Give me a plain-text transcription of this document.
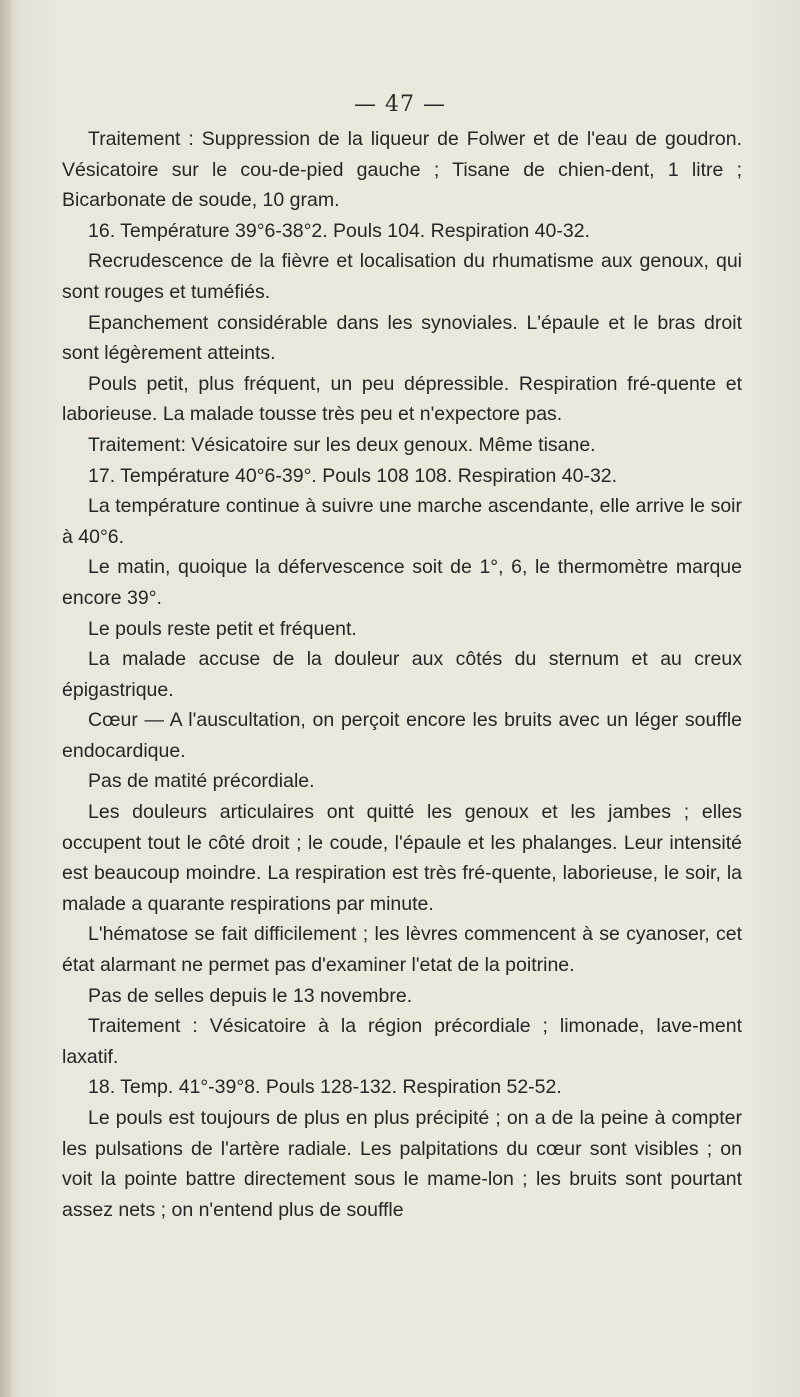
— 47 —

Traitement : Suppression de la liqueur de Folwer et de l'eau de goudron. Vésicatoire sur le cou-de-pied gauche ; Tisane de chien-dent, 1 litre ; Bicarbonate de soude, 10 gram.

16. Température 39°6-38°2. Pouls 104. Respiration 40-32.

Recrudescence de la fièvre et localisation du rhumatisme aux genoux, qui sont rouges et tuméfiés.

Epanchement considérable dans les synoviales. L'épaule et le bras droit sont légèrement atteints.

Pouls petit, plus fréquent, un peu dépressible. Respiration fré-quente et laborieuse. La malade tousse très peu et n'expectore pas.

Traitement: Vésicatoire sur les deux genoux. Même tisane.

17. Température 40°6-39°. Pouls 108 108. Respiration 40-32.

La température continue à suivre une marche ascendante, elle arrive le soir à 40°6.

Le matin, quoique la défervescence soit de 1°, 6, le thermomètre marque encore 39°.

Le pouls reste petit et fréquent.

La malade accuse de la douleur aux côtés du sternum et au creux épigastrique.

Cœur — A l'auscultation, on perçoit encore les bruits avec un léger souffle endocardique.

Pas de matité précordiale.

Les douleurs articulaires ont quitté les genoux et les jambes ; elles occupent tout le côté droit ; le coude, l'épaule et les phalanges. Leur intensité est beaucoup moindre. La respiration est très fré-quente, laborieuse, le soir, la malade a quarante respirations par minute.

L'hématose se fait difficilement ; les lèvres commencent à se cyanoser, cet état alarmant ne permet pas d'examiner l'etat de la poitrine.

Pas de selles depuis le 13 novembre.

Traitement : Vésicatoire à la région précordiale ; limonade, lave-ment laxatif.

18. Temp. 41°-39°8. Pouls 128-132. Respiration 52-52.

Le pouls est toujours de plus en plus précipité ; on a de la peine à compter les pulsations de l'artère radiale. Les palpitations du cœur sont visibles ; on voit la pointe battre directement sous le mame-lon ; les bruits sont pourtant assez nets ; on n'entend plus de souffle
